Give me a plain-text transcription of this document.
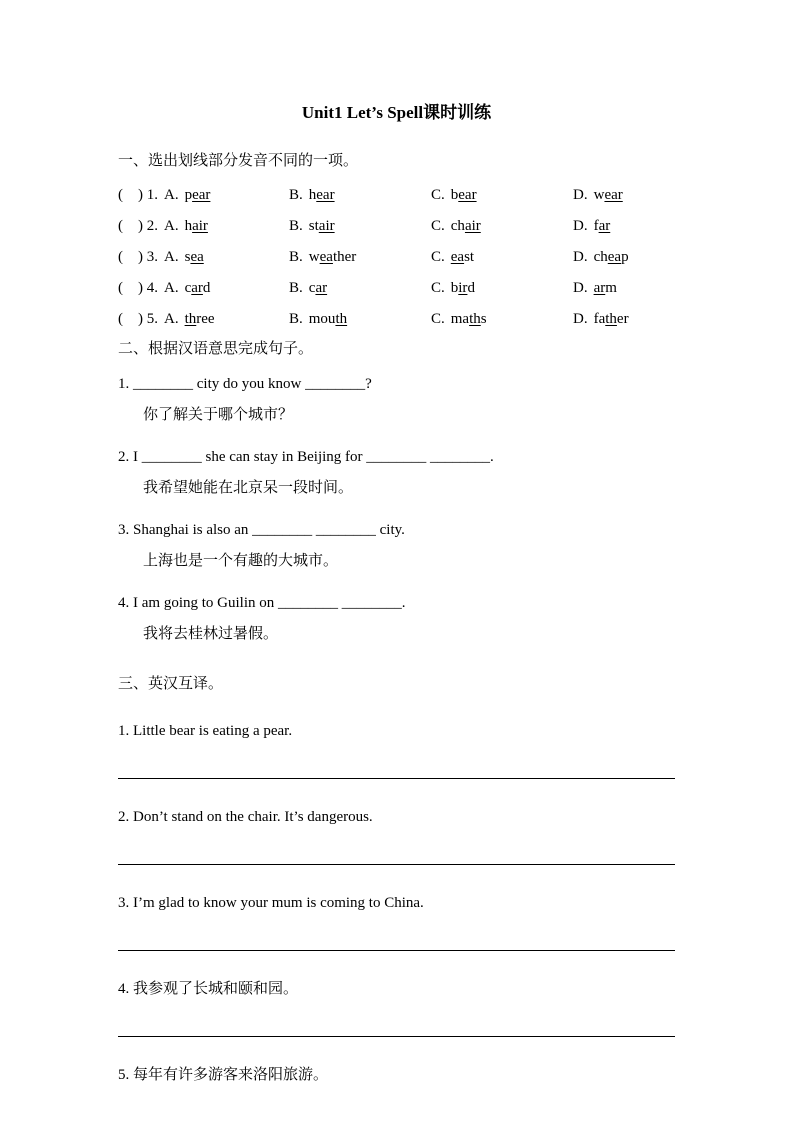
Unit1 Let’s Spell课时训练
一、选出划线部分发音不同的一项。
(    ) 1. A. pear	B. hear	C. bear	D. wear
(    ) 2. A. hair	B. stair	C. chair	D. far
(    ) 3. A. sea	B. weather	C. east	D. cheap
(    ) 4. A. card	B. car	C. bird	D. arm
(    ) 5. A. three	B. mouth	C. maths	D. father
二、根据汉语意思完成句子。
1. ________ city do you know ________?
你了解关于哪个城市？
2. I ________ she can stay in Beijing for ________ ________.
我希望她能在北京呆一段时间。
3. Shanghai is also an ________ ________ city.
上海也是一个有趣的大城市。
4. I am going to Guilin on ________ ________.
我将去桂林过暑假。
三、英汉互译。
1. Little bear is eating a pear.
2. Don’t stand on the chair. It’s dangerous.
3. I’m glad to know your mum is coming to China.
4. 我参观了长城和颐和园。
5. 每年有许多游客来洛阳旅游。
